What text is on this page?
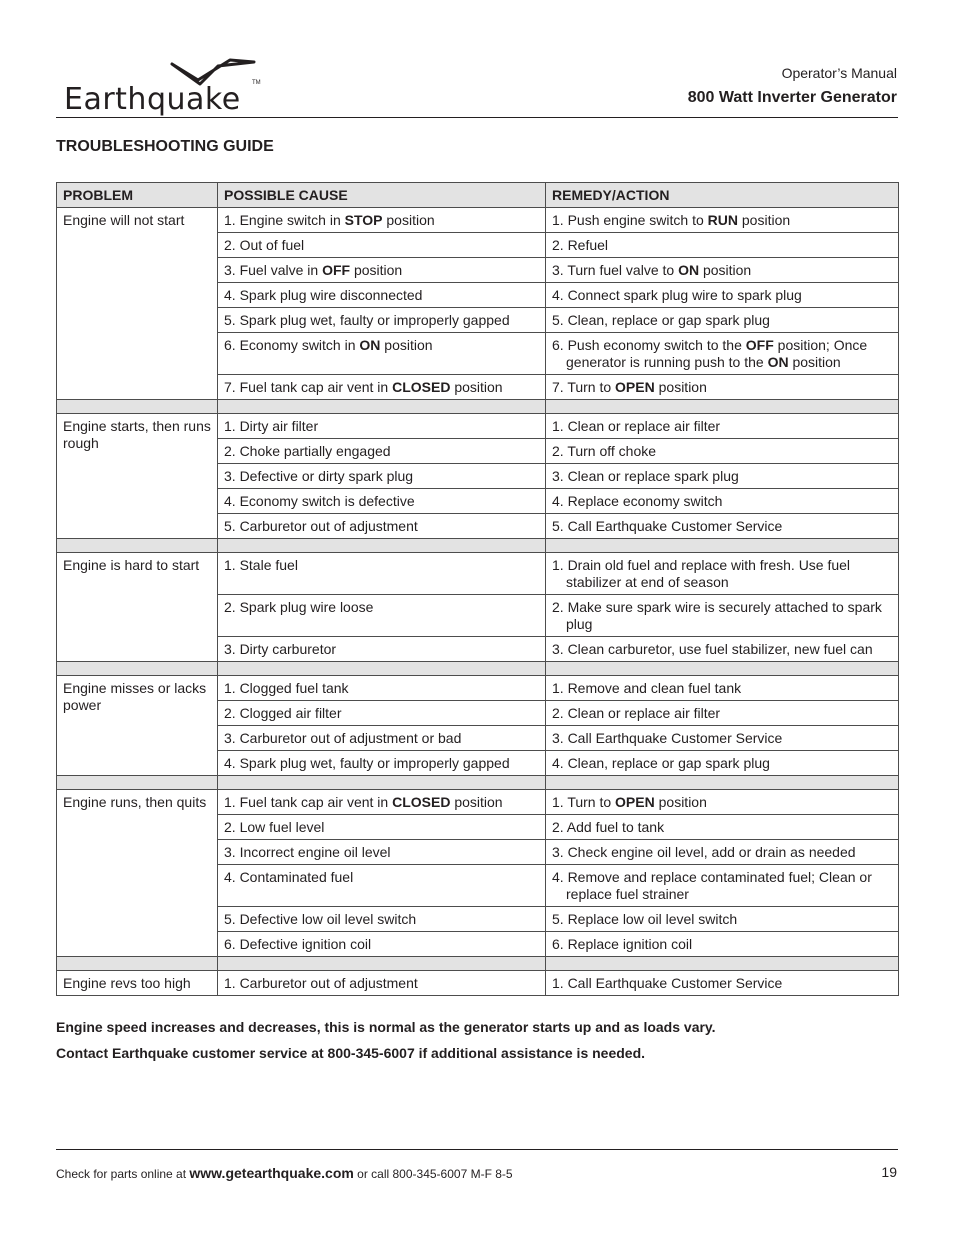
Earthquake TM
Operator’s Manual
800 Watt Inverter Generator
TROUBLESHOOTING GUIDE
PROBLEM	POSSIBLE CAUSE	REMEDY/ACTION
Engine will not start	1. Engine switch in STOP position	1. Push engine switch to RUN position

	2. Out of fuel	2. Refuel

	3. Fuel valve in OFF position	3. Turn fuel valve to ON position

	4. Spark plug wire disconnected	4. Connect spark plug wire to spark plug

	5. Spark plug wet, faulty or improperly gapped	5. Clean, replace or gap spark plug

	6. Economy switch in ON position	6. Push economy switch to the OFF position; Once generator is running push to the ON position

	7. Fuel tank cap air vent in CLOSED position	7. Turn to OPEN position

Engine starts, then runs rough	1. Dirty air filter	1. Clean or replace air filter

	2. Choke partially engaged	2. Turn off choke

	3. Defective or dirty spark plug	3. Clean or replace spark plug

	4. Economy switch is defective	4. Replace economy switch

	5. Carburetor out of adjustment	5. Call Earthquake Customer Service

Engine is hard to start	1. Stale fuel	1. Drain old fuel and replace with fresh. Use fuel stabilizer at end of season

	2. Spark plug wire loose	2. Make sure spark wire is securely attached to spark plug

	3. Dirty carburetor	3. Clean carburetor, use fuel stabilizer, new fuel can

Engine misses or lacks power	1. Clogged fuel tank	1. Remove and clean fuel tank

	2. Clogged air filter	2. Clean or replace air filter

	3. Carburetor out of adjustment or bad	3. Call Earthquake Customer Service

	4. Spark plug wet, faulty or improperly gapped	4. Clean, replace or gap spark plug

Engine runs, then quits	1. Fuel tank cap air vent in CLOSED position	1. Turn to OPEN position

	2. Low fuel level	2. Add fuel to tank

	3. Incorrect engine oil level	3. Check engine oil level, add or drain as needed

	4. Contaminated fuel	4. Remove and replace contaminated fuel; Clean or replace fuel strainer

	5. Defective low oil level switch	5. Replace low oil level switch

	6. Defective ignition coil	6. Replace ignition coil

Engine revs too high	1. Carburetor out of adjustment	1. Call Earthquake Customer Service
Engine speed increases and decreases, this is normal as the generator starts up and as loads vary.
Contact Earthquake customer service at 800-345-6007 if additional assistance is needed.
Check for parts online at www.getearthquake.com or call 800-345-6007 M-F 8-5	19
